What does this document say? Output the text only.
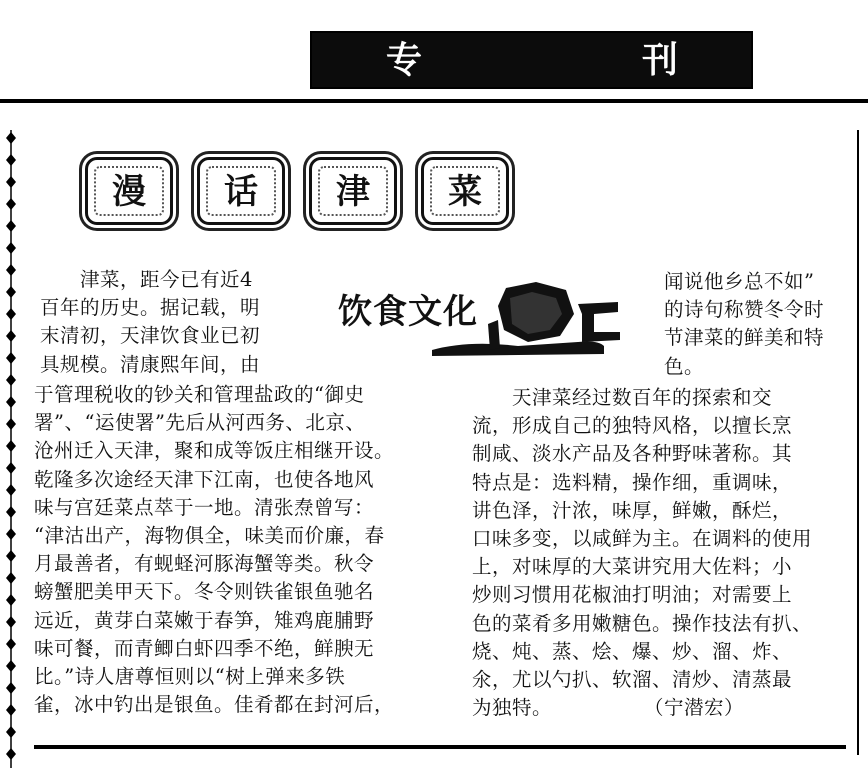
专	刊
漫	话	津	菜
饮食文化

　　津菜，距今已有近4

百年的历史。据记载，明

末清初，天津饮食业已初

具规模。清康熙年间，由

于管理税收的钞关和管理盐政的“御史

署”、“运使署”先后从河西务、北京、

沧州迁入天津，聚和成等饭庄相继开设。

乾隆多次途经天津下江南，也使各地风

味与宫廷菜点萃于一地。清张焘曾写：

“津沽出产，海物俱全，味美而价廉，春

月最善者，有蚬蛏河豚海蟹等类。秋令

螃蟹肥美甲天下。冬令则铁雀银鱼驰名

远近，黄芽白菜嫩于春笋，雉鸡鹿脯野

味可餐，而青鲫白虾四季不绝，鲜腴无

比。”诗人唐尊恒则以“树上弹来多铁

雀，冰中钓出是银鱼。佳肴都在封河后，

闻说他乡总不如”

的诗句称赞冬令时

节津菜的鲜美和特

色。

　　天津菜经过数百年的探索和交

流，形成自己的独特风格，以擅长烹

制咸、淡水产品及各种野味著称。其

特点是：选料精，操作细，重调味，

讲色泽，汁浓，味厚，鲜嫩，酥烂，

口味多变，以咸鲜为主。在调料的使用

上，对味厚的大菜讲究用大佐料；小

炒则习惯用花椒油打明油；对需要上

色的菜肴多用嫩糖色。操作技法有扒、

烧、炖、蒸、烩、爆、炒、溜、炸、

氽，尤以勺扒、软溜、清炒、清蒸最

为独特。	（宁潜宏）
